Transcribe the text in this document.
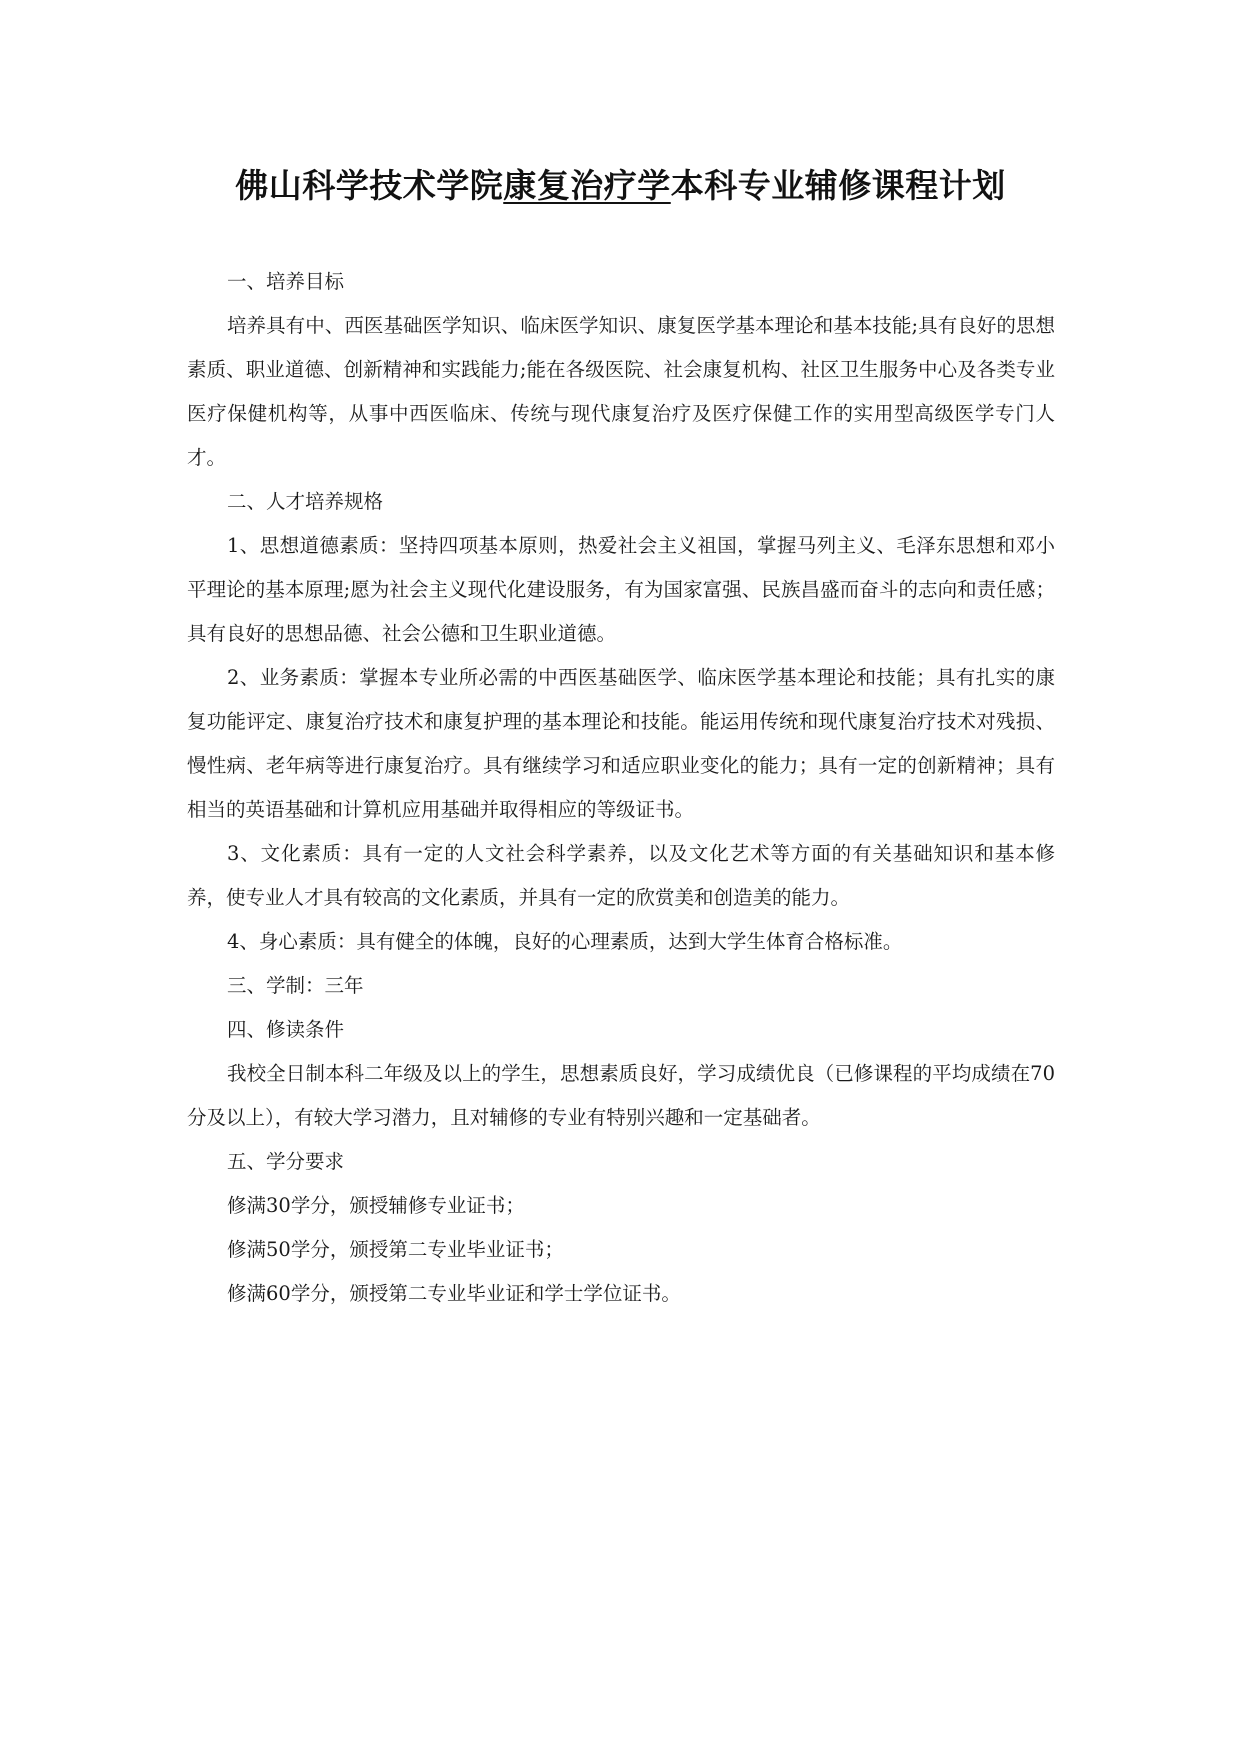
佛山科学技术学院康复治疗学本科专业辅修课程计划

一、培养目标

培养具有中、西医基础医学知识、临床医学知识、康复医学基本理论和基本技能;具有良好的思想素质、职业道德、创新精神和实践能力;能在各级医院、社会康复机构、社区卫生服务中心及各类专业医疗保健机构等，从事中西医临床、传统与现代康复治疗及医疗保健工作的实用型高级医学专门人才。

二、人才培养规格

1、思想道德素质：坚持四项基本原则，热爱社会主义祖国，掌握马列主义、毛泽东思想和邓小平理论的基本原理;愿为社会主义现代化建设服务，有为国家富强、民族昌盛而奋斗的志向和责任感；具有良好的思想品德、社会公德和卫生职业道德。

2、业务素质：掌握本专业所必需的中西医基础医学、临床医学基本理论和技能；具有扎实的康复功能评定、康复治疗技术和康复护理的基本理论和技能。能运用传统和现代康复治疗技术对残损、慢性病、老年病等进行康复治疗。具有继续学习和适应职业变化的能力；具有一定的创新精神；具有相当的英语基础和计算机应用基础并取得相应的等级证书。

3、文化素质：具有一定的人文社会科学素养，以及文化艺术等方面的有关基础知识和基本修养，使专业人才具有较高的文化素质，并具有一定的欣赏美和创造美的能力。

4、身心素质：具有健全的体魄，良好的心理素质，达到大学生体育合格标准。

三、学制：三年

四、修读条件

我校全日制本科二年级及以上的学生，思想素质良好，学习成绩优良（已修课程的平均成绩在70分及以上），有较大学习潜力，且对辅修的专业有特别兴趣和一定基础者。

五、学分要求

修满30学分，颁授辅修专业证书；

修满50学分，颁授第二专业毕业证书；

修满60学分，颁授第二专业毕业证和学士学位证书。
